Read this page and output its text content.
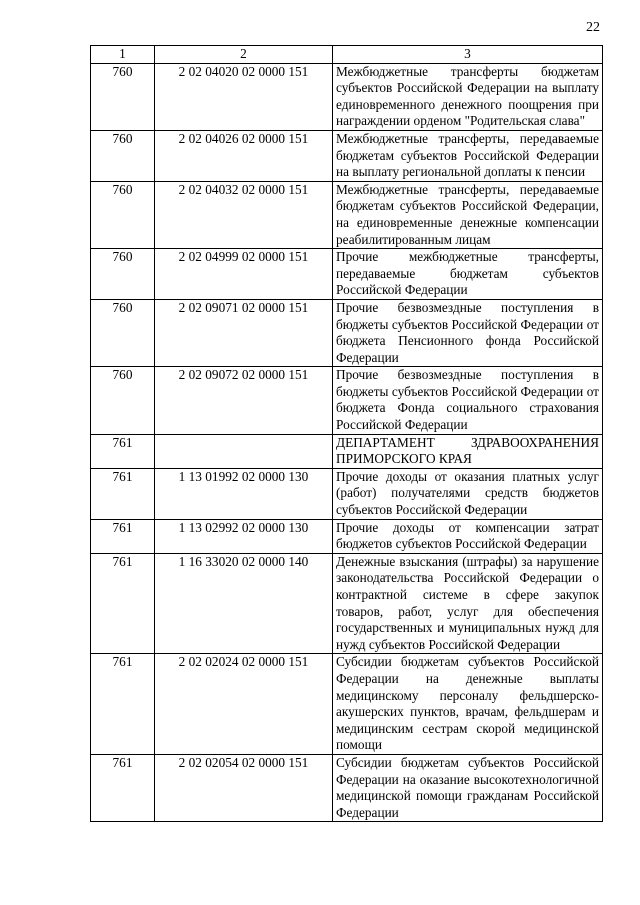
22
1	2	3
760	2 02 04020 02 0000 151	Межбюджетные трансферты бюджетам субъектов Российской Федерации на выплату единовременного денежного поощрения при награждении орденом "Родительская слава"
760	2 02 04026 02 0000 151	Межбюджетные трансферты, передаваемые бюджетам субъектов Российской Федерации на выплату региональной доплаты к пенсии
760	2 02 04032 02 0000 151	Межбюджетные трансферты, передаваемые бюджетам субъектов Российской Федерации, на единовременные денежные компенсации реабилитированным лицам
760	2 02 04999 02 0000 151	Прочие межбюджетные трансферты, передаваемые бюджетам субъектов Российской Федерации
760	2 02 09071 02 0000 151	Прочие безвозмездные поступления в бюджеты субъектов Российской Федерации от бюджета Пенсионного фонда Российской Федерации
760	2 02 09072 02 0000 151	Прочие безвозмездные поступления в бюджеты субъектов Российской Федерации от бюджета Фонда социального страхования Российской Федерации
761		ДЕПАРТАМЕНТ ЗДРАВООХРАНЕНИЯ ПРИМОРСКОГО КРАЯ
761	1 13 01992 02 0000 130	Прочие доходы от оказания платных услуг (работ) получателями средств бюджетов субъектов Российской Федерации
761	1 13 02992 02 0000 130	Прочие доходы от компенсации затрат бюджетов субъектов Российской Федерации
761	1 16 33020 02 0000 140	Денежные взыскания (штрафы) за нарушение законодательства Российской Федерации о контрактной системе в сфере закупок товаров, работ, услуг для обеспечения государственных и муниципальных нужд для нужд субъектов Российской Федерации
761	2 02 02024 02 0000 151	Субсидии бюджетам субъектов Российской Федерации на денежные выплаты медицинскому персоналу фельдшерско-акушерских пунктов, врачам, фельдшерам и медицинским сестрам скорой медицинской помощи
761	2 02 02054 02 0000 151	Субсидии бюджетам субъектов Российской Федерации на оказание высокотехнологичной медицинской помощи гражданам Российской Федерации
